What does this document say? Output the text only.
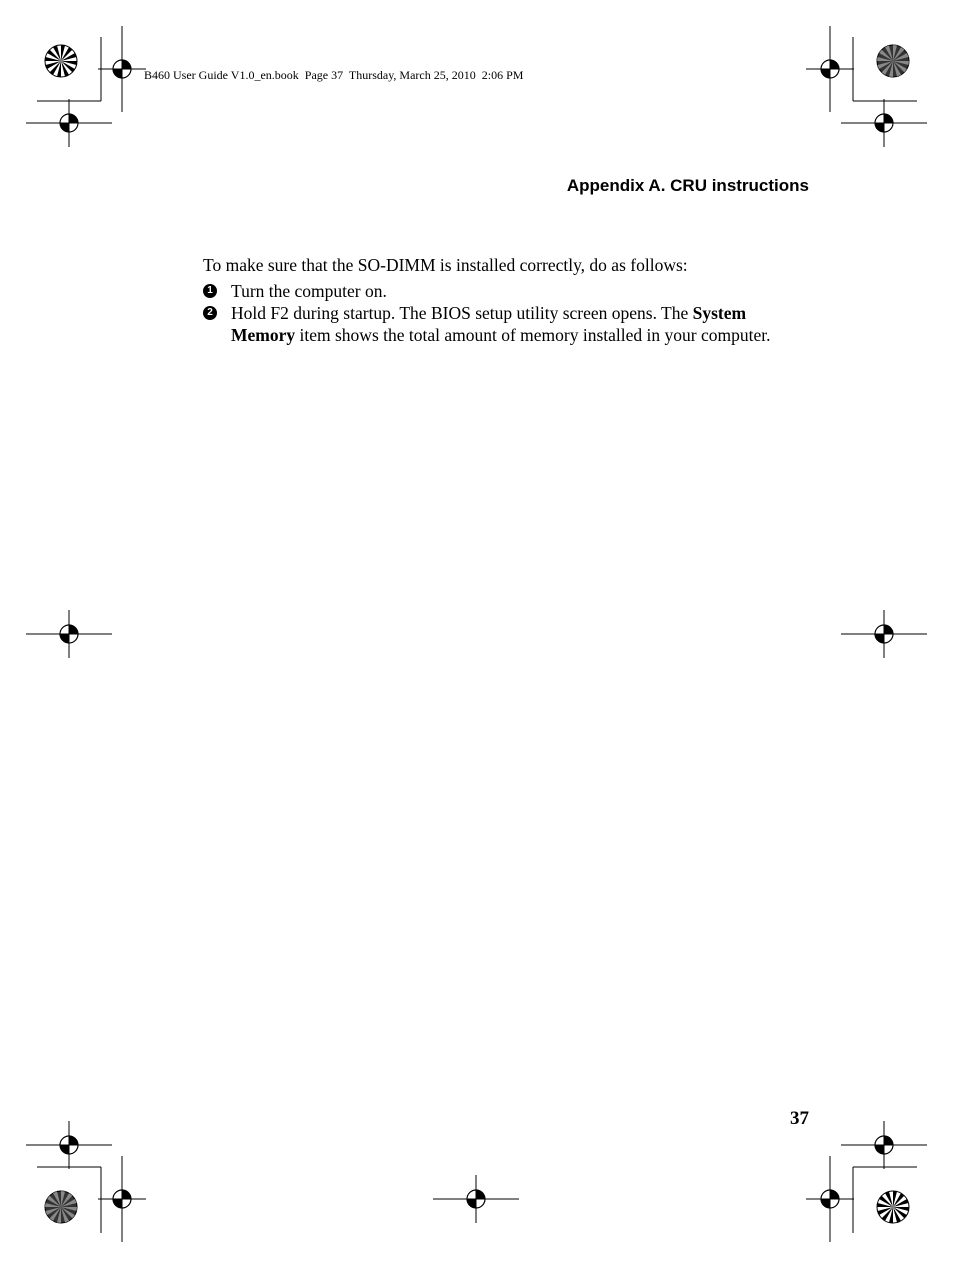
B460 User Guide V1.0_en.book  Page 37  Thursday, March 25, 2010  2:06 PM
Appendix A. CRU instructions

To make sure that the SO-DIMM is installed correctly, do as follows:

1 Turn the computer on.

2 Hold F2 during startup. The BIOS setup utility screen opens. The System Memory item shows the total amount of memory installed in your computer.

37
